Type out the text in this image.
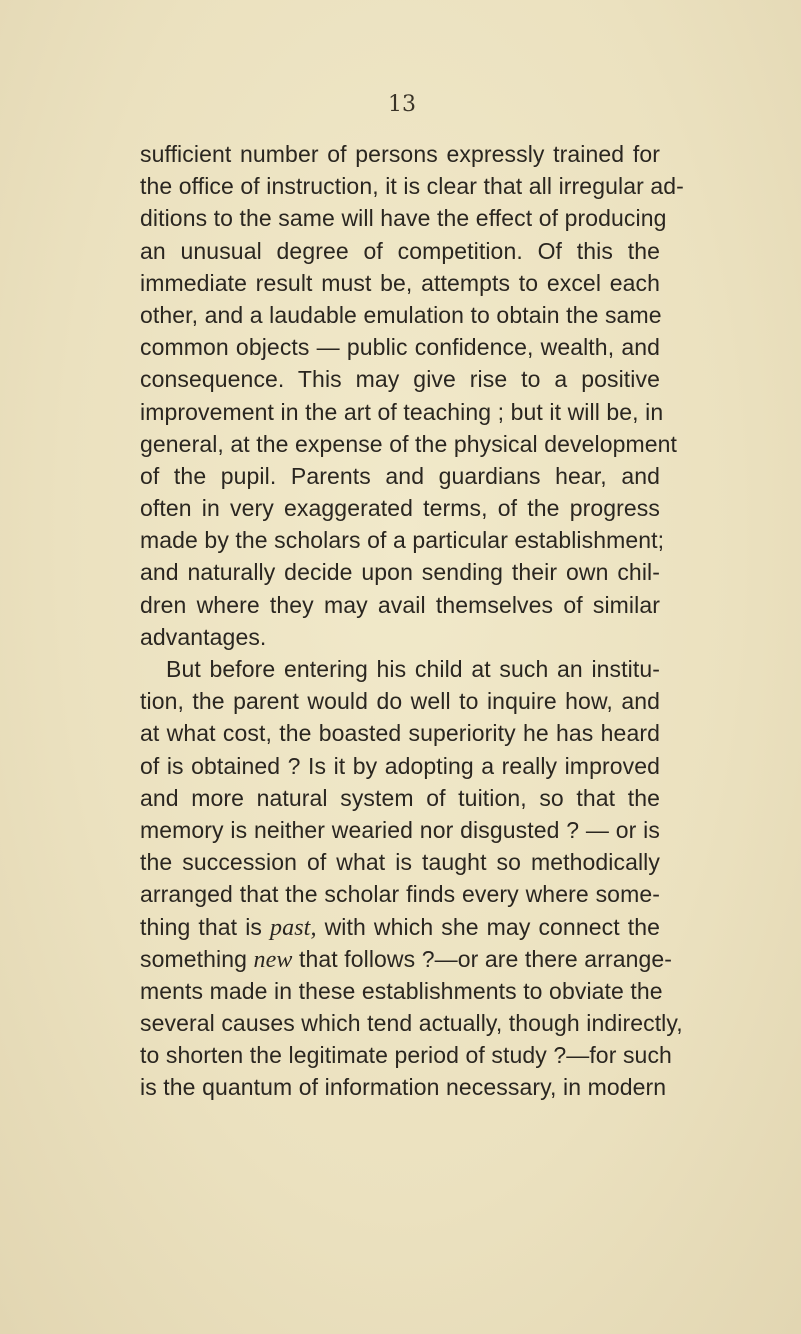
13
sufficient number of persons expressly trained for
the office of instruction, it is clear that all irregular ad-
ditions to the same will have the effect of producing
an unusual degree of competition. Of this the
immediate result must be, attempts to excel each
other, and a laudable emulation to obtain the same
common objects — public confidence, wealth, and
consequence. This may give rise to a positive
improvement in the art of teaching ; but it will be, in
general, at the expense of the physical development
of the pupil. Parents and guardians hear, and
often in very exaggerated terms, of the progress
made by the scholars of a particular establishment;
and naturally decide upon sending their own chil-
dren where they may avail themselves of similar
advantages.
But before entering his child at such an institu-
tion, the parent would do well to inquire how, and
at what cost, the boasted superiority he has heard
of is obtained ? Is it by adopting a really improved
and more natural system of tuition, so that the
memory is neither wearied nor disgusted ? — or is
the succession of what is taught so methodically
arranged that the scholar finds every where some-
thing that is past, with which she may connect the
something new that follows ?—or are there arrange-
ments made in these establishments to obviate the
several causes which tend actually, though indirectly,
to shorten the legitimate period of study ?—for such
is the quantum of information necessary, in modern
